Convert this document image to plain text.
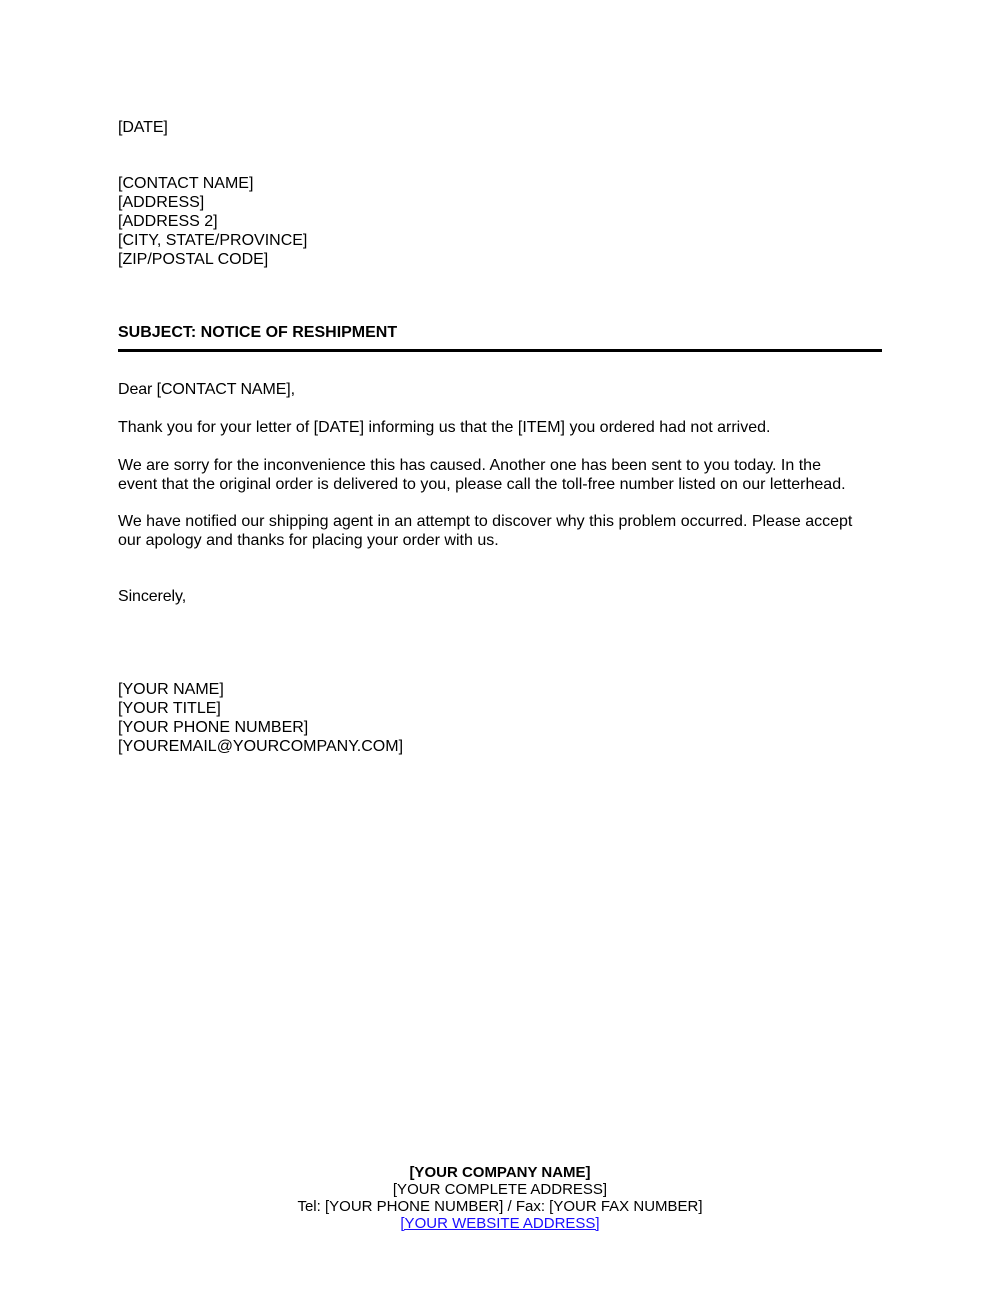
[DATE]
[CONTACT NAME]
[ADDRESS]
[ADDRESS 2]
[CITY, STATE/PROVINCE]
[ZIP/POSTAL CODE]
SUBJECT: NOTICE OF RESHIPMENT
Dear [CONTACT NAME],
Thank you for your letter of [DATE] informing us that the [ITEM] you ordered had not arrived.
We are sorry for the inconvenience this has caused. Another one has been sent to you today. In the
event that the original order is delivered to you, please call the toll-free number listed on our letterhead.
We have notified our shipping agent in an attempt to discover why this problem occurred. Please accept
our apology and thanks for placing your order with us.
Sincerely,
[YOUR NAME]
[YOUR TITLE]
[YOUR PHONE NUMBER]
[YOUREMAIL@YOURCOMPANY.COM]
[YOUR COMPANY NAME]
[YOUR COMPLETE ADDRESS]
Tel: [YOUR PHONE NUMBER] / Fax: [YOUR FAX NUMBER]
[YOUR WEBSITE ADDRESS]
